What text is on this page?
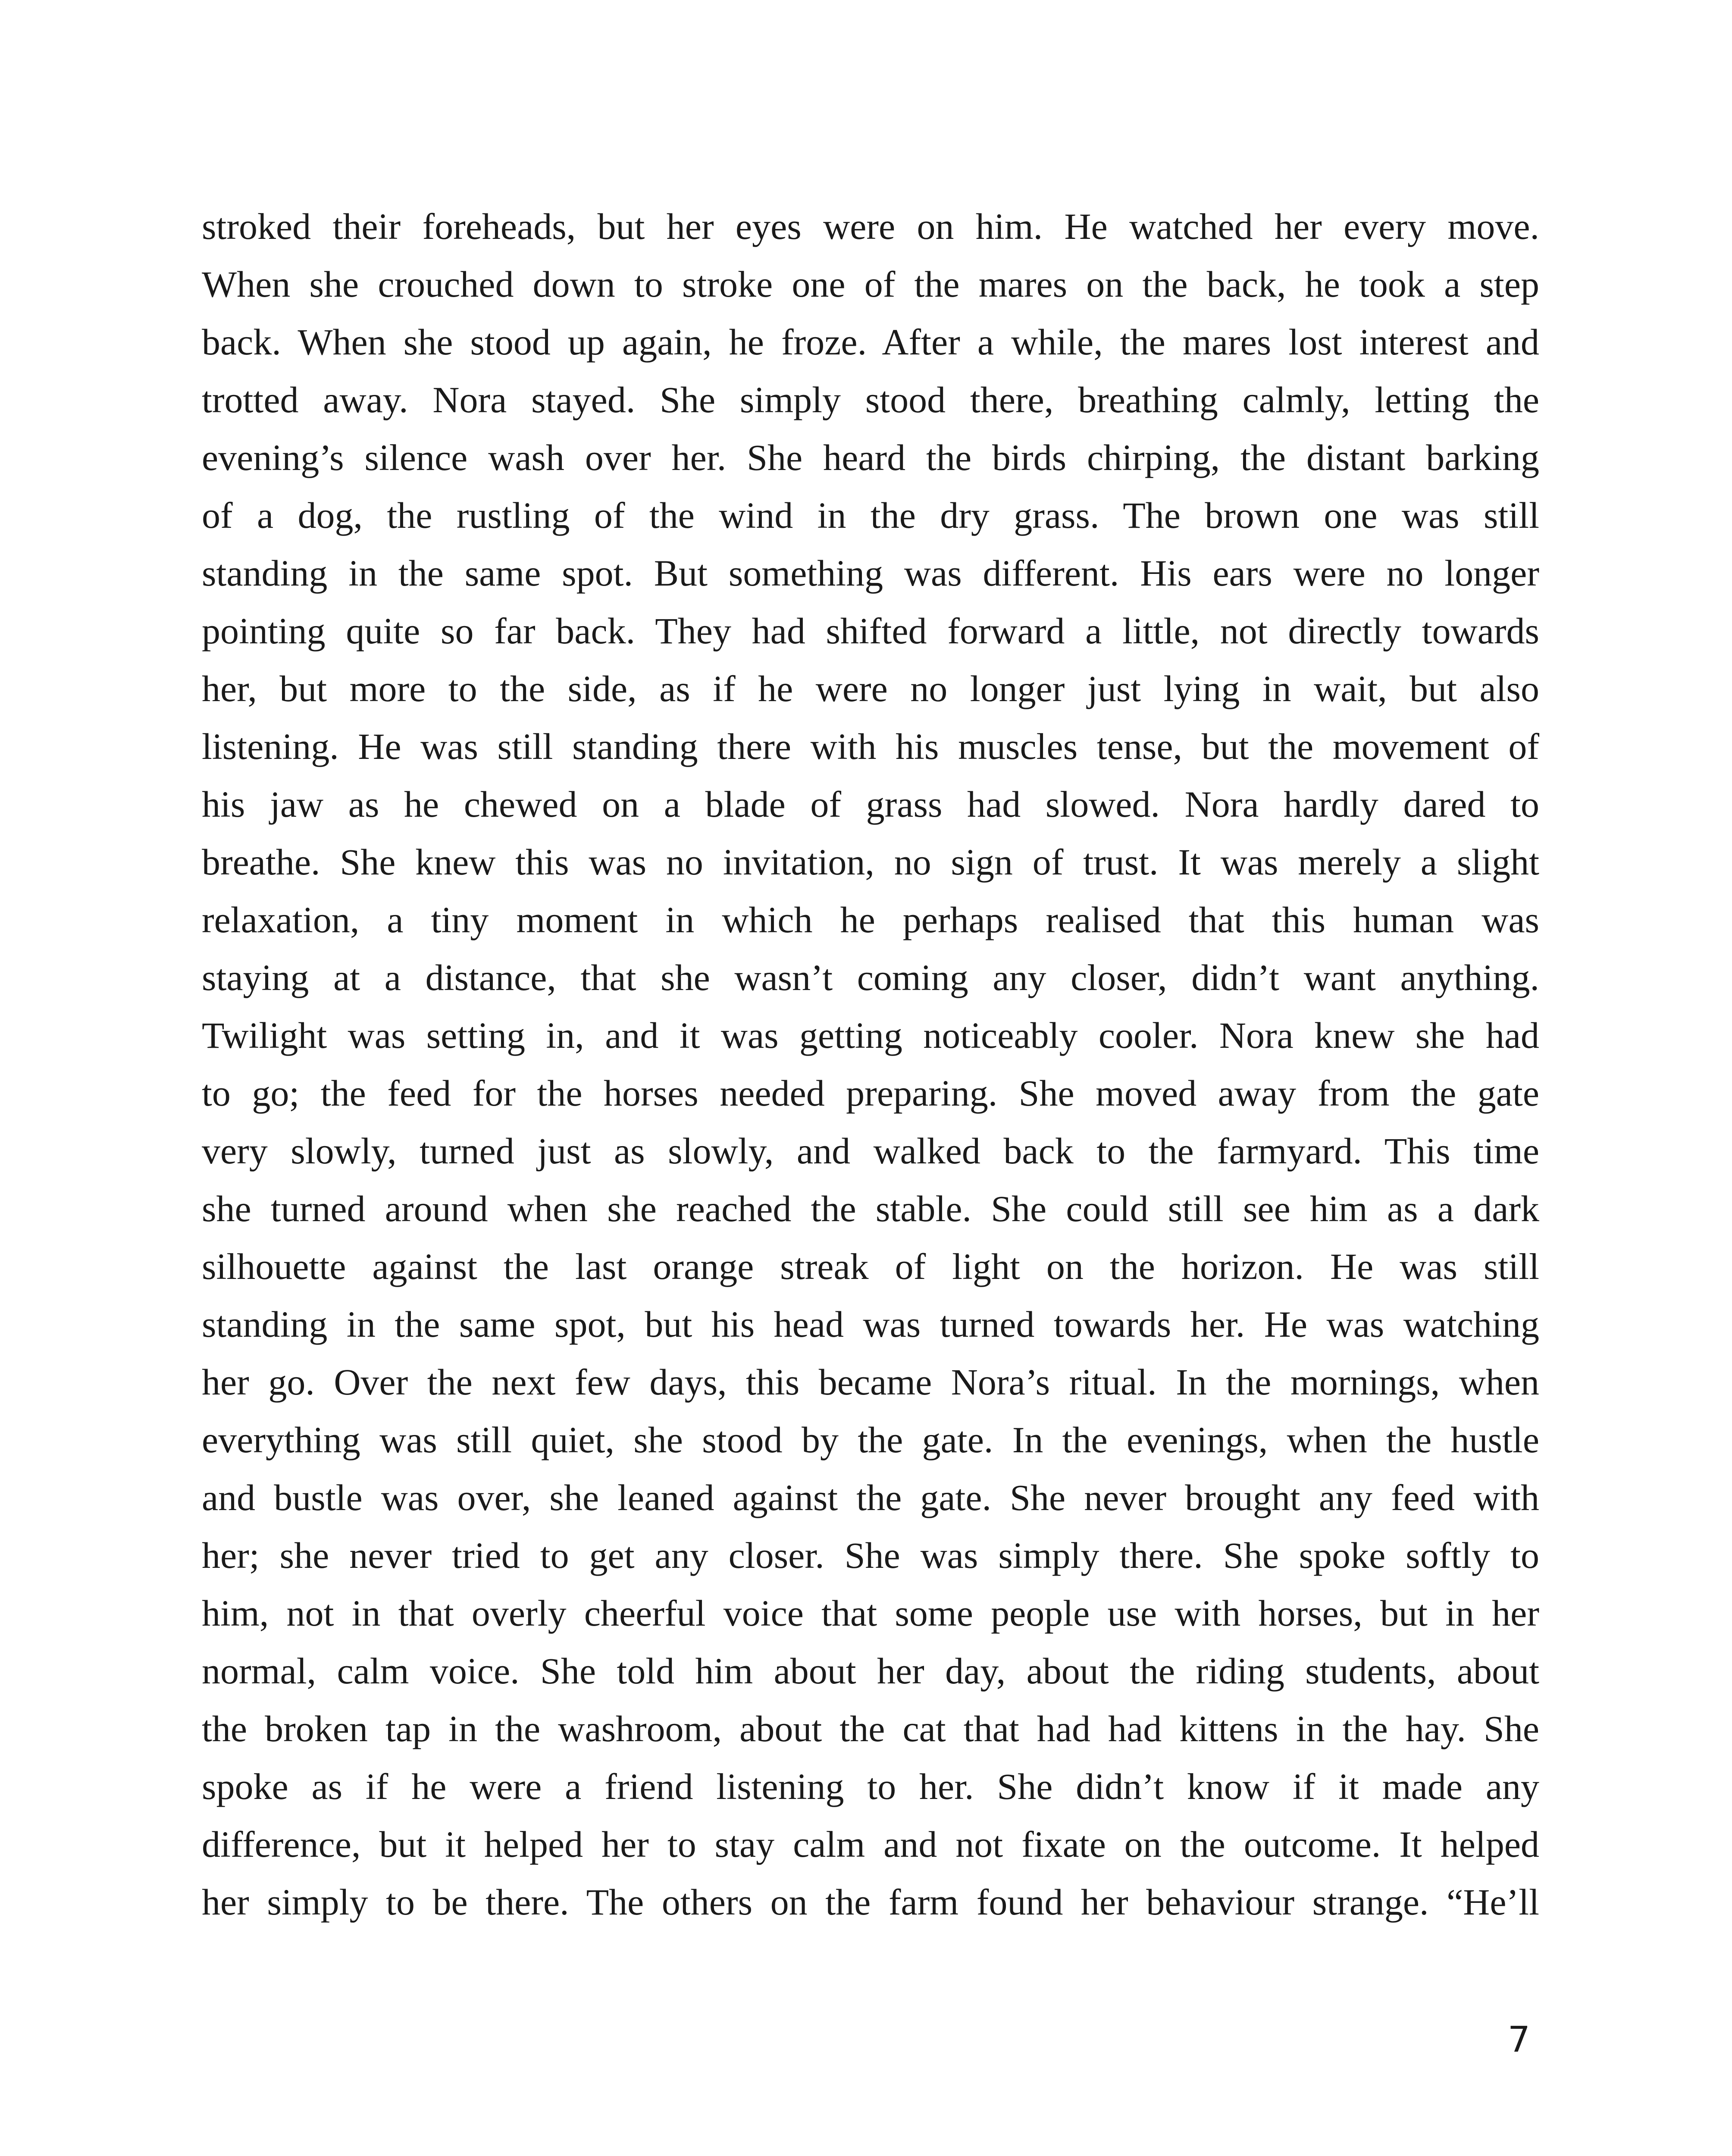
stroked their foreheads, but her eyes were on him. He watched her every move.
When she crouched down to stroke one of the mares on the back, he took a step
back. When she stood up again, he froze. After a while, the mares lost interest and
trotted away. Nora stayed. She simply stood there, breathing calmly, letting the
evening’s silence wash over her. She heard the birds chirping, the distant barking
of a dog, the rustling of the wind in the dry grass. The brown one was still
standing in the same spot. But something was different. His ears were no longer
pointing quite so far back. They had shifted forward a little, not directly towards
her, but more to the side, as if he were no longer just lying in wait, but also
listening. He was still standing there with his muscles tense, but the movement of
his jaw as he chewed on a blade of grass had slowed. Nora hardly dared to
breathe. She knew this was no invitation, no sign of trust. It was merely a slight
relaxation, a tiny moment in which he perhaps realised that this human was
staying at a distance, that she wasn’t coming any closer, didn’t want anything.
Twilight was setting in, and it was getting noticeably cooler. Nora knew she had
to go; the feed for the horses needed preparing. She moved away from the gate
very slowly, turned just as slowly, and walked back to the farmyard. This time
she turned around when she reached the stable. She could still see him as a dark
silhouette against the last orange streak of light on the horizon. He was still
standing in the same spot, but his head was turned towards her. He was watching
her go. Over the next few days, this became Nora’s ritual. In the mornings, when
everything was still quiet, she stood by the gate. In the evenings, when the hustle
and bustle was over, she leaned against the gate. She never brought any feed with
her; she never tried to get any closer. She was simply there. She spoke softly to
him, not in that overly cheerful voice that some people use with horses, but in her
normal, calm voice. She told him about her day, about the riding students, about
the broken tap in the washroom, about the cat that had had kittens in the hay. She
spoke as if he were a friend listening to her. She didn’t know if it made any
difference, but it helped her to stay calm and not fixate on the outcome. It helped
her simply to be there. The others on the farm found her behaviour strange. “He’ll
7
